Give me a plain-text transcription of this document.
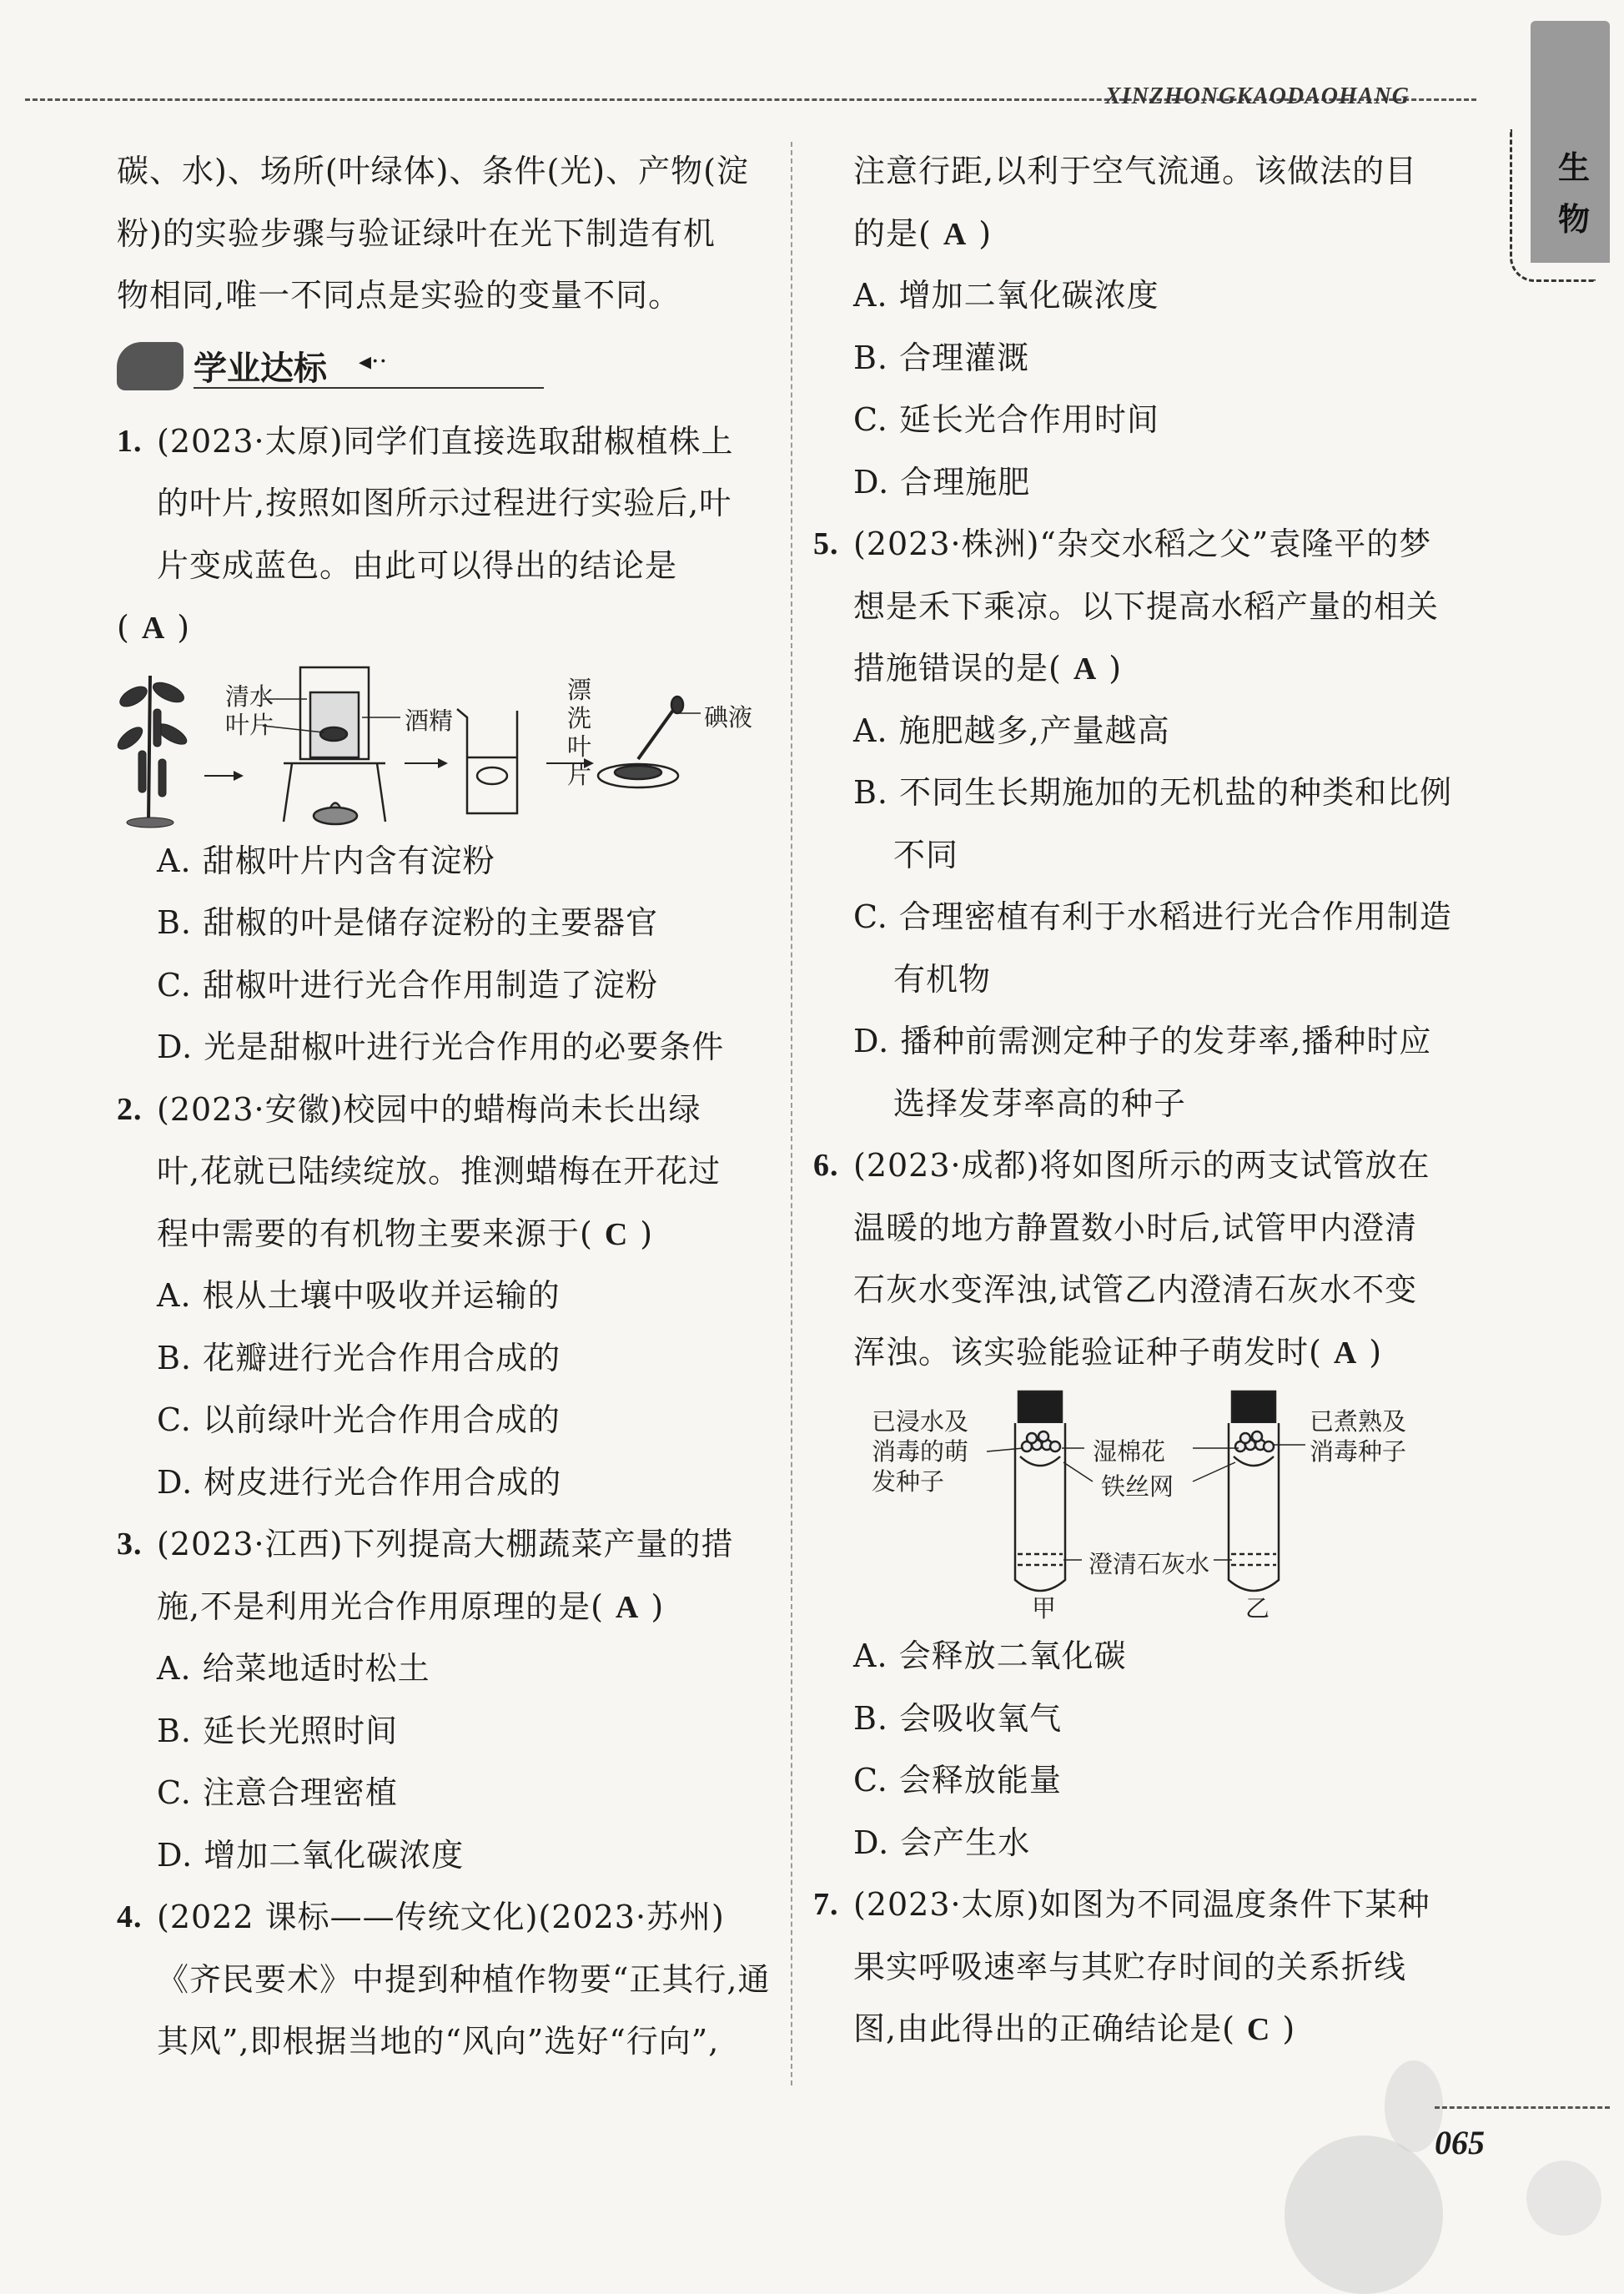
XINZHONGKAODAOHANG
生物
碳、水)、场所(叶绿体)、条件(光)、产物(淀
粉)的实验步骤与验证绿叶在光下制造有机
物相同,唯一不同点是实验的变量不同。
学业达标 ◂··
1. (2023·太原)同学们直接选取甜椒植株上
的叶片,按照如图所示过程进行实验后,叶
片变成蓝色。由此可以得出的结论是
( A )
清水
叶片	酒精
漂
洗
叶
片
碘液
A. 甜椒叶片内含有淀粉
B. 甜椒的叶是储存淀粉的主要器官
C. 甜椒叶进行光合作用制造了淀粉
D. 光是甜椒叶进行光合作用的必要条件
2. (2023·安徽)校园中的蜡梅尚未长出绿
叶,花就已陆续绽放。推测蜡梅在开花过
程中需要的有机物主要来源于( C )
A. 根从土壤中吸收并运输的
B. 花瓣进行光合作用合成的
C. 以前绿叶光合作用合成的
D. 树皮进行光合作用合成的
3. (2023·江西)下列提高大棚蔬菜产量的措
施,不是利用光合作用原理的是( A )
A. 给菜地适时松土
B. 延长光照时间
C. 注意合理密植
D. 增加二氧化碳浓度
4. (2022 课标——传统文化)(2023·苏州)
《齐民要术》中提到种植作物要“正其行,通
其风”,即根据当地的“风向”选好“行向”,
注意行距,以利于空气流通。该做法的目
的是( A )
A. 增加二氧化碳浓度
B. 合理灌溉
C. 延长光合作用时间
D. 合理施肥
5. (2023·株洲)“杂交水稻之父”袁隆平的梦
想是禾下乘凉。以下提高水稻产量的相关
措施错误的是( A )
A. 施肥越多,产量越高
B. 不同生长期施加的无机盐的种类和比例
不同
C. 合理密植有利于水稻进行光合作用制造
有机物
D. 播种前需测定种子的发芽率,播种时应
选择发芽率高的种子
6. (2023·成都)将如图所示的两支试管放在
温暖的地方静置数小时后,试管甲内澄清
石灰水变浑浊,试管乙内澄清石灰水不变
浑浊。该实验能验证种子萌发时( A )
已浸水及
消毒的萌
发种子
湿棉花
铁丝网
已煮熟及
消毒种子
澄清石灰水
甲	乙
A. 会释放二氧化碳
B. 会吸收氧气
C. 会释放能量
D. 会产生水
7. (2023·太原)如图为不同温度条件下某种
果实呼吸速率与其贮存时间的关系折线
图,由此得出的正确结论是( C )
065
